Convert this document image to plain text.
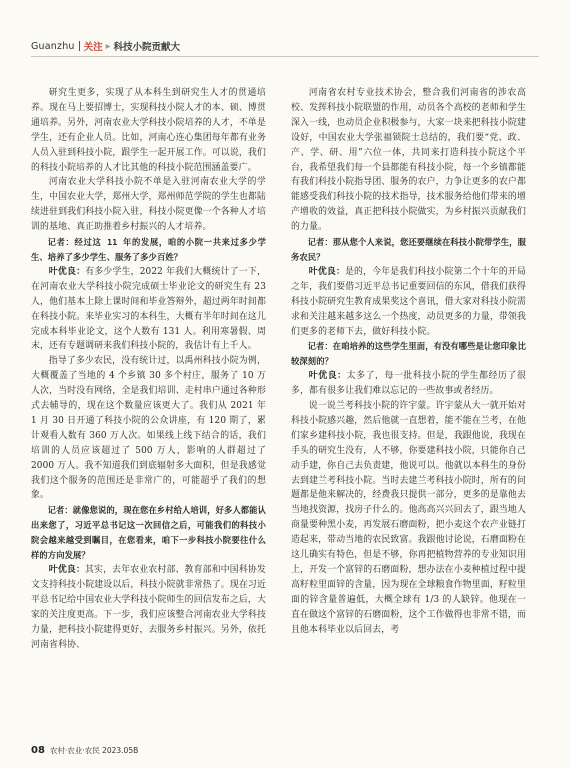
Guanzhu 关注 ▸ 科技小院贡献大

研究生更多，实现了从本科生到研究生人才的贯通培养。现在马上要招博士，实现科技小院人才的本、硕、博贯通培养。另外，河南农业大学科技小院培养的人才，不单是学生，还有企业人员。比如，河南心连心集团每年都有业务人员入驻到科技小院，跟学生一起开展工作。可以说，我们的科技小院培养的人才比其他的科技小院范围涵盖要广。

河南农业大学科技小院不单是入驻河南农业大学的学生，中国农业大学，郑州大学，郑州师范学院的学生也都陆续进驻到我们科技小院入驻，科技小院更像一个各种人才培训的基地、真正助推着乡村振兴的人才培养。

记者：经过这 11 年的发展，咱的小院一共来过多少学生、培养了多少学生、服务了多少百姓？

叶优良：有多少学生，2022 年我们大概统计了一下，在河南农业大学科技小院完成硕士毕业论文的研究生有 23 人，他们基本上除上课时间和毕业答辩外，超过两年时间都在科技小院。来毕业实习的本科生，大概有半年时间在这儿完成本科毕业论文，这个人数有 131 人。利用寒暑假、周末，还有专题调研来我们科技小院的，我估计有上千人。

指导了多少农民，没有统计过，以禹州科技小院为例，大概覆盖了当地的 4 个乡镇 30 多个村庄，服务了 10 万人次，当时没有网络，全是我们培训、走村串户通过各种形式去辅导的，现在这个数量应该更大了。我们从 2021 年 1 月 30 日开通了科技小院的公众讲座，有 120 期了，累计观看人数有 360 万人次。如果线上线下结合的话，我们培训的人员应该超过了 500 万人，影响的人群超过了 2000 万人。我不知道我们到底辐射多大面积，但是我感觉我们这个服务的范围还是非常广的，可能超乎了我们的想象。

记者：就像您说的，现在您在乡村给人培训，好多人都能认出来您了，习近平总书记这一次回信之后，可能我们的科技小院会越来越受到瞩目，在您看来，咱下一步科技小院要往什么样的方向发展？

叶优良：其实，去年农业农村部、教育部和中国科协发文支持科技小院建设以后，科技小院就非常热了。现在习近平总书记给中国农业大学科技小院师生的回信发布之后，大家的关注度更高。下一步，我们应该整合河南农业大学科技力量，把科技小院建得更好，去服务乡村振兴。另外，依托河南省科协、

河南省农村专业技术协会，整合我们河南省的涉农高校、发挥科技小院联盟的作用，动员各个高校的老师和学生深入一线，也动员企业积极参与，大家一块来把科技小院建设好，中国农业大学张福锁院士总结的，我们要“党、政、产、学、研、用”六位一体，共同来打造科技小院这个平台，我希望我们每一个县都能有科技小院，每一个乡镇都能有我们科技小院指导团、服务的农户，力争让更多的农户都能感受我们科技小院的技术指导，技术服务给他们带来的增产增收的效益，真正把科技小院做实，为乡村振兴贡献我们的力量。

记者：那从您个人来说，您还要继续在科技小院带学生，服务农民？

叶优良：是的，今年是我们科技小院第二个十年的开局之年，我们要借习近平总书记重要回信的东风，借我们获得科技小院研究生教育成果奖这个喜讯，借大家对科技小院需求和关注越来越多这么一个热度，动员更多的力量，带领我们更多的老师下去，做好科技小院。

记者：在咱培养的这些学生里面，有没有哪些是让您印象比较深刻的？

叶优良：太多了，每一批科技小院的学生都经历了很多，都有很多让我们难以忘记的一些故事或者经历。

说一说兰考科技小院的许宇蒙。许宇蒙从大一就开始对科技小院感兴趣，然后他就一直想着，能不能在兰考，在他们家乡建科技小院，我也很支持。但是，我跟他说，我现在手头的研究生没有，人不够，你要建科技小院，只能你自己动手建，你自己去负责建，他说可以。他就以本科生的身份去到建兰考科技小院。当时去建兰考科技小院时，所有的问题都是他来解决的，经费我只提供一部分，更多的是靠他去当地找资源，找房子什么的。他高高兴兴回去了，跟当地人商量要种黑小麦，再发展石磨面粉，把小麦这个农产业链打造起来，带动当地的农民致富。我跟他讨论说，石磨面粉在这儿确实有特色，但是不够，你再把植物营养的专业知识用上，开发一个富锌的石磨面粉，想办法在小麦种植过程中提高籽粒里面锌的含量，因为现在全球粮食作物里面，籽粒里面的锌含量普遍低，大概全球有 1/3 的人缺锌。他现在一直在做这个富锌的石磨面粉，这个工作做得也非常不错，而且他本科毕业以后回去，考

08 农村·农业·农民 2023.05B
